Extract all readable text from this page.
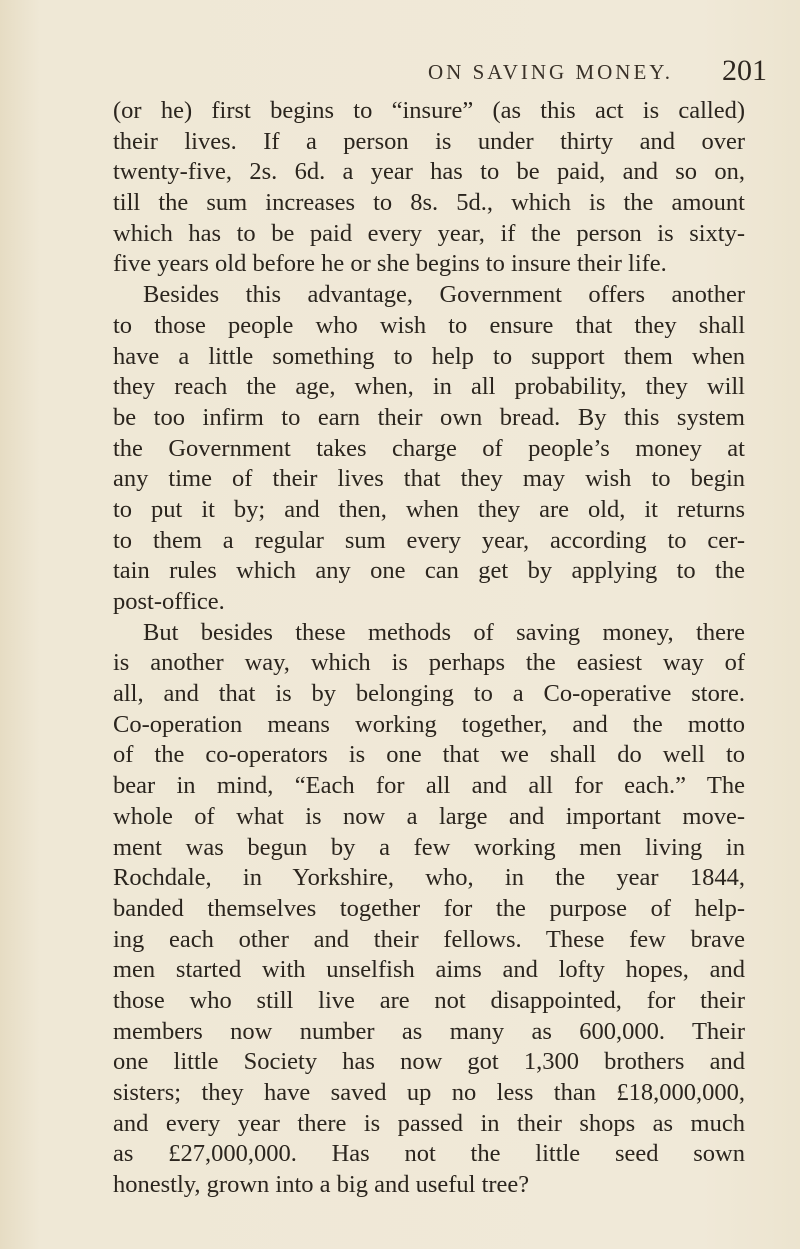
ON SAVING MONEY. 201
(or he) first begins to “insure” (as this act is called)
their lives. If a person is under thirty and over
twenty-five, 2s. 6d. a year has to be paid, and so on,
till the sum increases to 8s. 5d., which is the amount
which has to be paid every year, if the person is sixty-
five years old before he or she begins to insure their life.
Besides this advantage, Government offers another
to those people who wish to ensure that they shall
have a little something to help to support them when
they reach the age, when, in all probability, they will
be too infirm to earn their own bread. By this system
the Government takes charge of people’s money at
any time of their lives that they may wish to begin
to put it by; and then, when they are old, it returns
to them a regular sum every year, according to cer-
tain rules which any one can get by applying to the
post-office.
But besides these methods of saving money, there
is another way, which is perhaps the easiest way of
all, and that is by belonging to a Co-operative store.
Co-operation means working together, and the motto
of the co-operators is one that we shall do well to
bear in mind, “Each for all and all for each.” The
whole of what is now a large and important move-
ment was begun by a few working men living in
Rochdale, in Yorkshire, who, in the year 1844,
banded themselves together for the purpose of help-
ing each other and their fellows. These few brave
men started with unselfish aims and lofty hopes, and
those who still live are not disappointed, for their
members now number as many as 600,000. Their
one little Society has now got 1,300 brothers and
sisters; they have saved up no less than £18,000,000,
and every year there is passed in their shops as much
as £27,000,000. Has not the little seed sown
honestly, grown into a big and useful tree?
